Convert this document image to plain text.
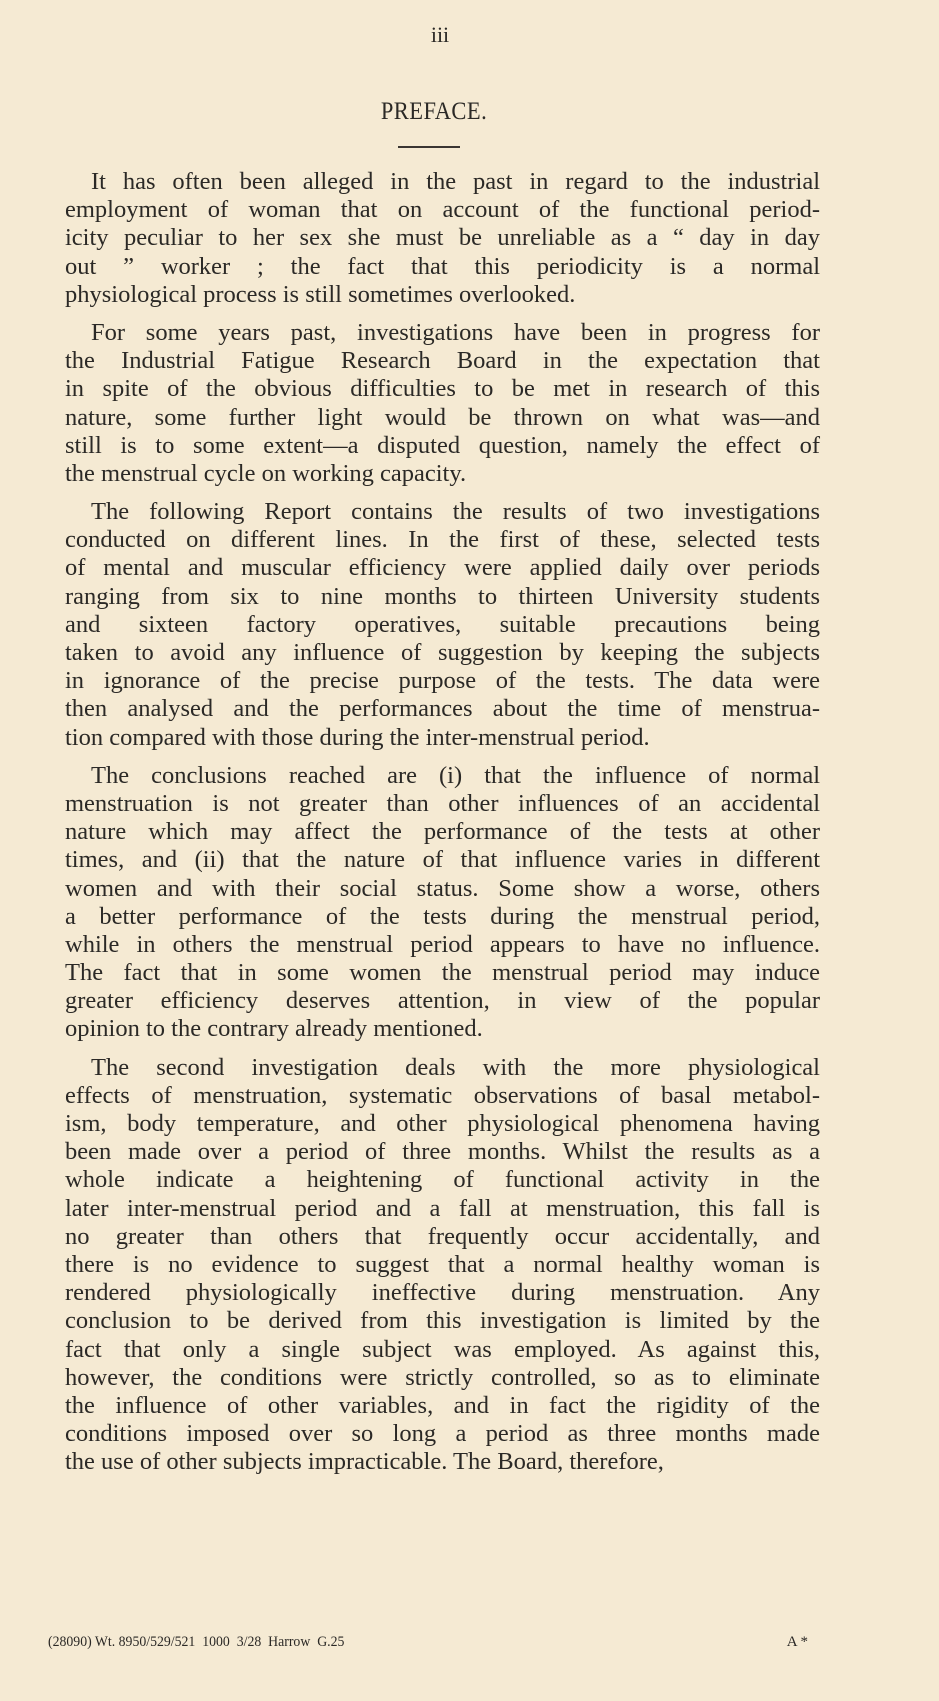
iii
PREFACE.
It has often been alleged in the past in regard to the industrial
employment of woman that on account of the functional period-
icity peculiar to her sex she must be unreliable as a “ day in day
out ” worker ; the fact that this periodicity is a normal
physiological process is still sometimes overlooked.
For some years past, investigations have been in progress for
the Industrial Fatigue Research Board in the expectation that
in spite of the obvious difficulties to be met in research of this
nature, some further light would be thrown on what was—and
still is to some extent—a disputed question, namely the effect of
the menstrual cycle on working capacity.
The following Report contains the results of two investigations
conducted on different lines. In the first of these, selected tests
of mental and muscular efficiency were applied daily over periods
ranging from six to nine months to thirteen University students
and sixteen factory operatives, suitable precautions being
taken to avoid any influence of suggestion by keeping the subjects
in ignorance of the precise purpose of the tests. The data were
then analysed and the performances about the time of menstrua-
tion compared with those during the inter-menstrual period.
The conclusions reached are (i) that the influence of normal
menstruation is not greater than other influences of an accidental
nature which may affect the performance of the tests at other
times, and (ii) that the nature of that influence varies in different
women and with their social status. Some show a worse, others
a better performance of the tests during the menstrual period,
while in others the menstrual period appears to have no influence.
The fact that in some women the menstrual period may induce
greater efficiency deserves attention, in view of the popular
opinion to the contrary already mentioned.
The second investigation deals with the more physiological
effects of menstruation, systematic observations of basal metabol-
ism, body temperature, and other physiological phenomena having
been made over a period of three months. Whilst the results as a
whole indicate a heightening of functional activity in the
later inter-menstrual period and a fall at menstruation, this fall is
no greater than others that frequently occur accidentally, and
there is no evidence to suggest that a normal healthy woman is
rendered physiologically ineffective during menstruation. Any
conclusion to be derived from this investigation is limited by the
fact that only a single subject was employed. As against this,
however, the conditions were strictly controlled, so as to eliminate
the influence of other variables, and in fact the rigidity of the
conditions imposed over so long a period as three months made
the use of other subjects impracticable. The Board, therefore,
(28090) Wt. 8950/529/521  1000  3/28  Harrow  G.25	A *
